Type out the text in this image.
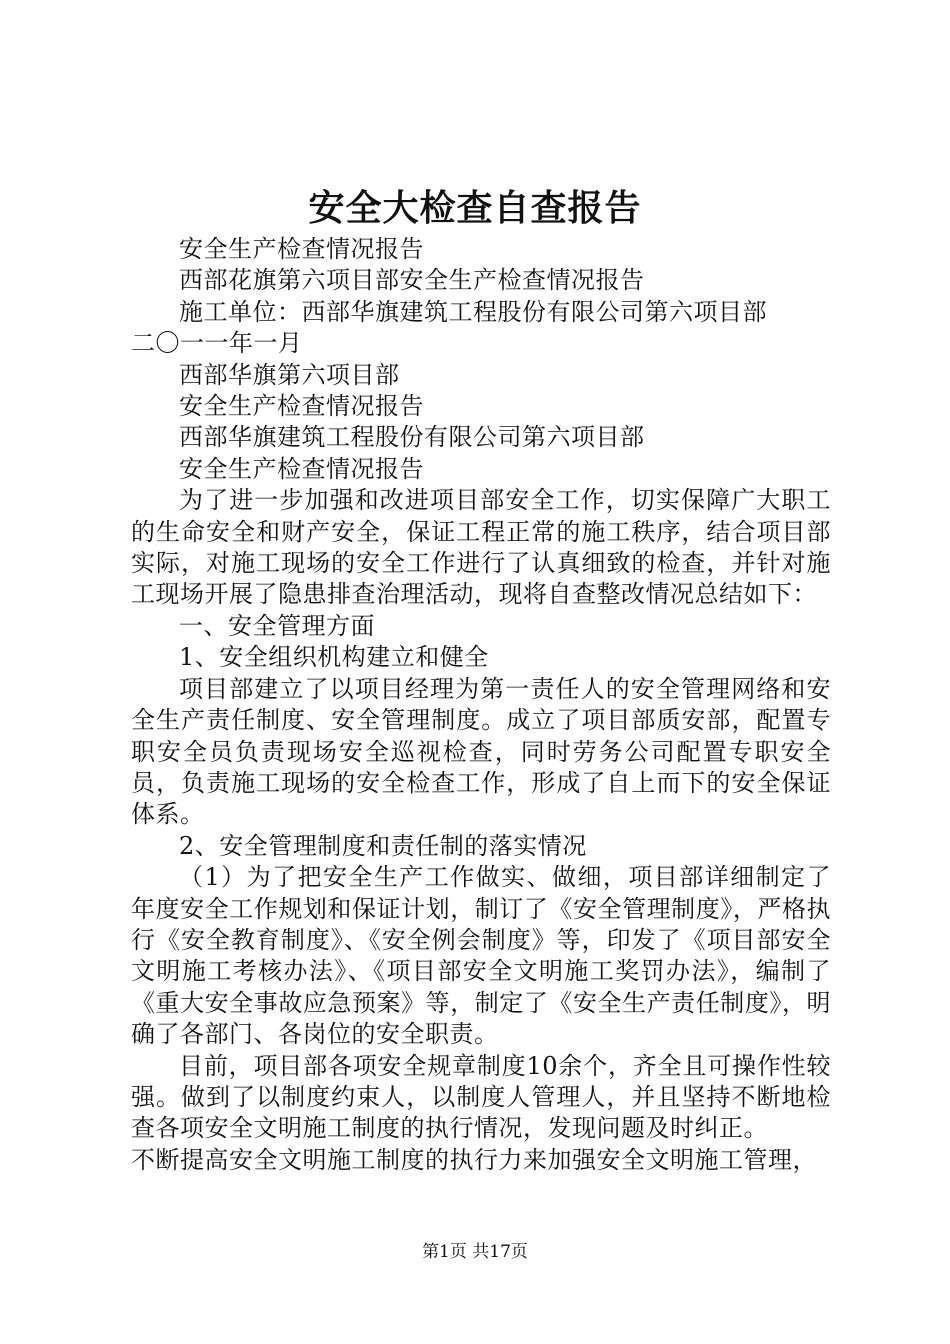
安全大检查自查报告

安全生产检查情况报告

西部花旗第六项目部安全生产检查情况报告

施工单位：西部华旗建筑工程股份有限公司第六项目部

二〇一一年一月

西部华旗第六项目部

安全生产检查情况报告

西部华旗建筑工程股份有限公司第六项目部

安全生产检查情况报告

为了进一步加强和改进项目部安全工作，切实保障广大职工的生命安全和财产安全，保证工程正常的施工秩序，结合项目部实际，对施工现场的安全工作进行了认真细致的检查，并针对施工现场开展了隐患排查治理活动，现将自查整改情况总结如下：

一、安全管理方面

1、安全组织机构建立和健全

项目部建立了以项目经理为第一责任人的安全管理网络和安全生产责任制度、安全管理制度。成立了项目部质安部，配置专职安全员负责现场安全巡视检查，同时劳务公司配置专职安全员，负责施工现场的安全检查工作，形成了自上而下的安全保证体系。

2、安全管理制度和责任制的落实情况

（1）为了把安全生产工作做实、做细，项目部详细制定了年度安全工作规划和保证计划，制订了《安全管理制度》，严格执行《安全教育制度》、《安全例会制度》等，印发了《项目部安全文明施工考核办法》、《项目部安全文明施工奖罚办法》，编制了《重大安全事故应急预案》等，制定了《安全生产责任制度》，明确了各部门、各岗位的安全职责。

目前，项目部各项安全规章制度10余个，齐全且可操作性较强。做到了以制度约束人，以制度人管理人，并且坚持不断地检查各项安全文明施工制度的执行情况，发现问题及时纠正。

不断提高安全文明施工制度的执行力来加强安全文明施工管理，

第1页 共17页
